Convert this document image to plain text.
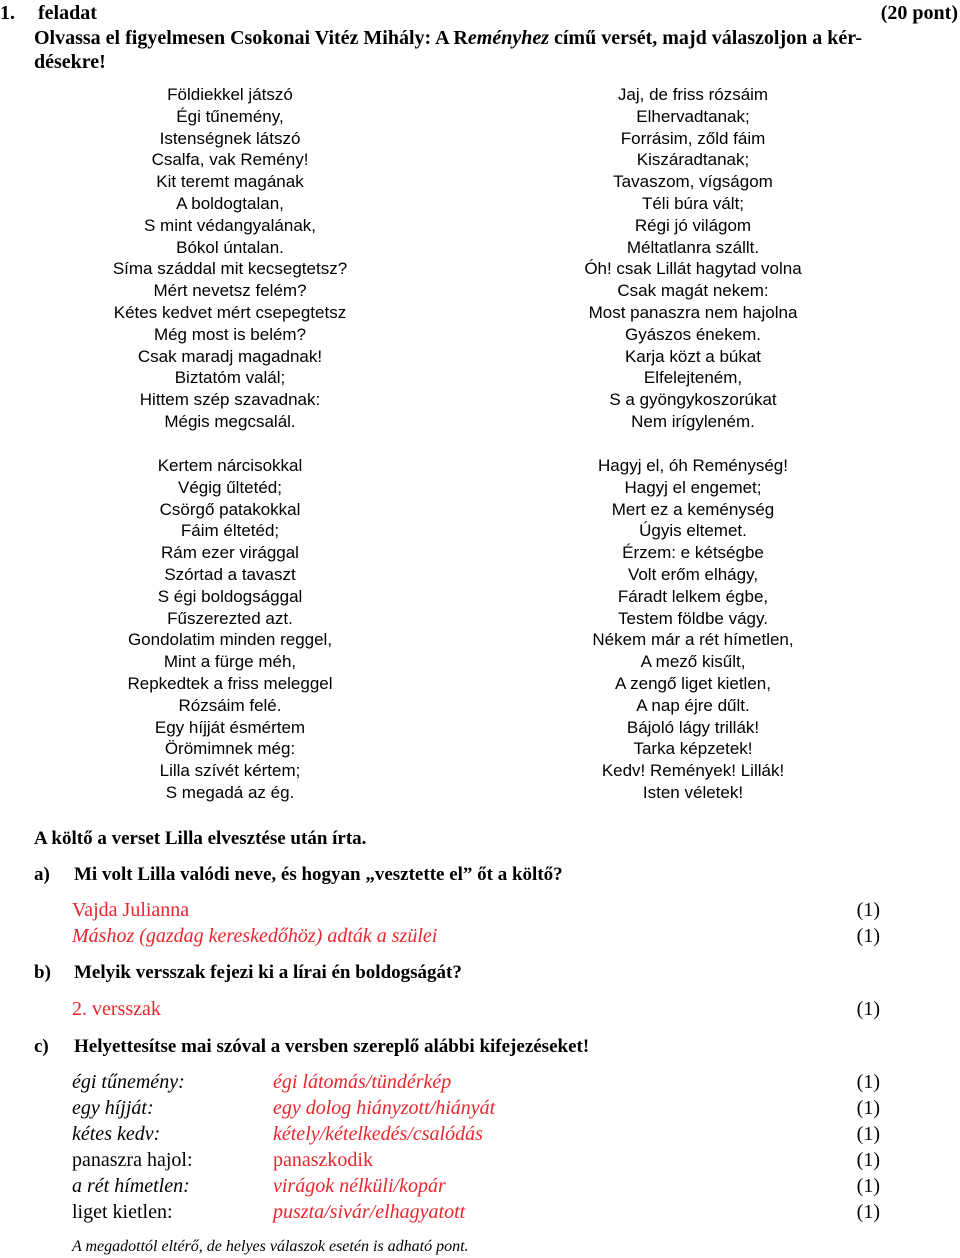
1. feladat	(20 pont)
Olvassa el figyelmesen Csokonai Vitéz Mihály: A Reményhez című versét, majd válaszoljon a kér-
désekre!
Földiekkel játszó
Égi tűnemény,
Istenségnek látszó
Csalfa, vak Remény!
Kit teremt magának
A boldogtalan,
S mint védangyalának,
Bókol úntalan.
Síma száddal mit kecsegtetsz?
Mért nevetsz felém?
Kétes kedvet mért csepegtetsz
Még most is belém?
Csak maradj magadnak!
Biztatóm valál;
Hittem szép szavadnak:
Mégis megcsalál.
Kertem nárcisokkal
Végig űltetéd;
Csörgő patakokkal
Fáim éltetéd;
Rám ezer virággal
Szórtad a tavaszt
S égi boldogsággal
Fűszerezted azt.
Gondolatim minden reggel,
Mint a fürge méh,
Repkedtek a friss meleggel
Rózsáim felé.
Egy híjját ésmértem
Örömimnek még:
Lilla szívét kértem;
S megadá az ég.
Jaj, de friss rózsáim
Elhervadtanak;
Forrásim, zőld fáim
Kiszáradtanak;
Tavaszom, vígságom
Téli búra vált;
Régi jó világom
Méltatlanra szállt.
Óh! csak Lillát hagytad volna
Csak magát nekem:
Most panaszra nem hajolna
Gyászos énekem.
Karja közt a búkat
Elfelejteném,
S a gyöngykoszorúkat
Nem irígyleném.
Hagyj el, óh Reménység!
Hagyj el engemet;
Mert ez a keménység
Úgyis eltemet.
Érzem: e kétségbe
Volt erőm elhágy,
Fáradt lelkem égbe,
Testem földbe vágy.
Nékem már a rét hímetlen,
A mező kisűlt,
A zengő liget kietlen,
A nap éjre dűlt.
Bájoló lágy trillák!
Tarka képzetek!
Kedv! Remények! Lillák!
Isten véletek!
A költő a verset Lilla elvesztése után írta.
a) Mi volt Lilla valódi neve, és hogyan „vesztette el” őt a költő?
Vajda Julianna	(1)
Máshoz (gazdag kereskedőhöz) adták a szülei	(1)
b) Melyik versszak fejezi ki a lírai én boldogságát?
2. versszak	(1)
c) Helyettesítse mai szóval a versben szereplő alábbi kifejezéseket!
égi tűnemény:	égi látomás/tündérkép	(1)
egy híjját:	egy dolog hiányzott/hiányát	(1)
kétes kedv:	kétely/kételkedés/csalódás	(1)
panaszra hajol:	panaszkodik	(1)
a rét hímetlen:	virágok nélküli/kopár	(1)
liget kietlen:	puszta/sivár/elhagyatott	(1)
A megadottól eltérő, de helyes válaszok esetén is adható pont.
